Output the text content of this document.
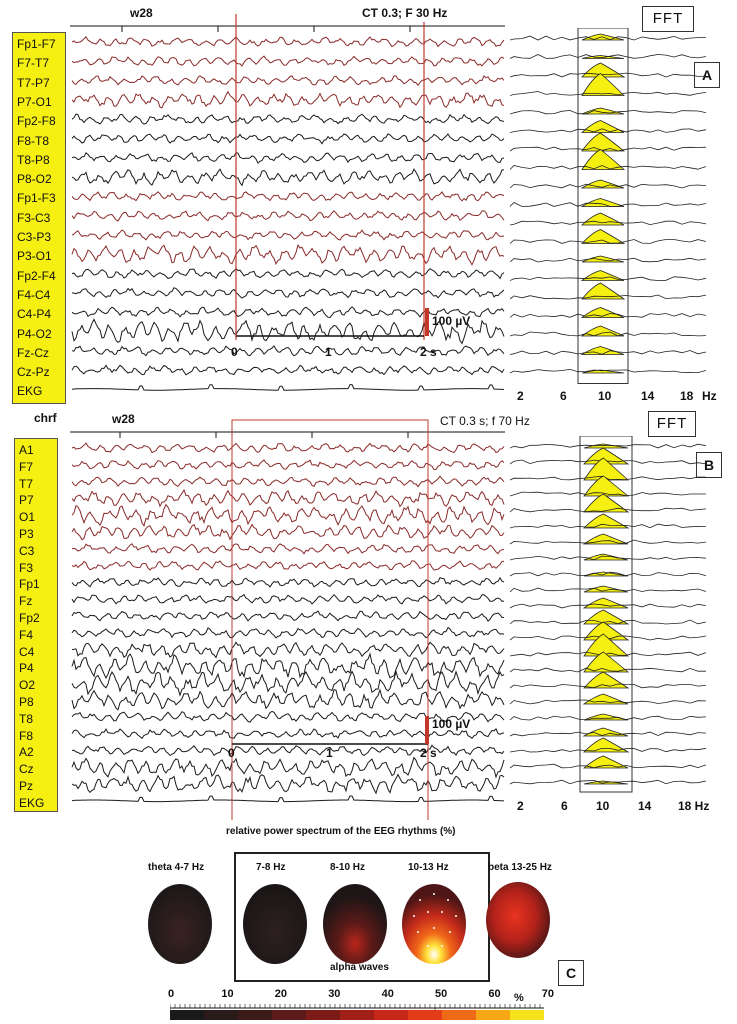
w28	CT 0.3; F 30 Hz	FFT
A
Fp1-F7
F7-T7
T7-P7
P7-O1
Fp2-F8
F8-T8
T8-P8
P8-O2
Fp1-F3
F3-C3
C3-P3
P3-O1
Fp2-F4
F4-C4
C4-P4
P4-O2
Fz-Cz
Cz-Pz
EKG
100 µV
0	1	2 s
2	6	10 14 18 Hz
chrf	w28	CT 0.3 s; f 70 Hz	FFT
B
A1
F7
T7
P7
O1
P3
C3
F3
Fp1
Fz
Fp2
F4
C4
P4
O2
P8
T8
F8
A2
Cz
Pz
EKG
100 µV
0	1	2 s
2	6 10 14 18 Hz
relative power spectrum of the EEG rhythms (%)
theta 4-7 Hz	7-8 Hz	8-10 Hz	10-13 Hz	beta 13-25 Hz
alpha waves	C
%
0	10	20	30	40	50	60	70
